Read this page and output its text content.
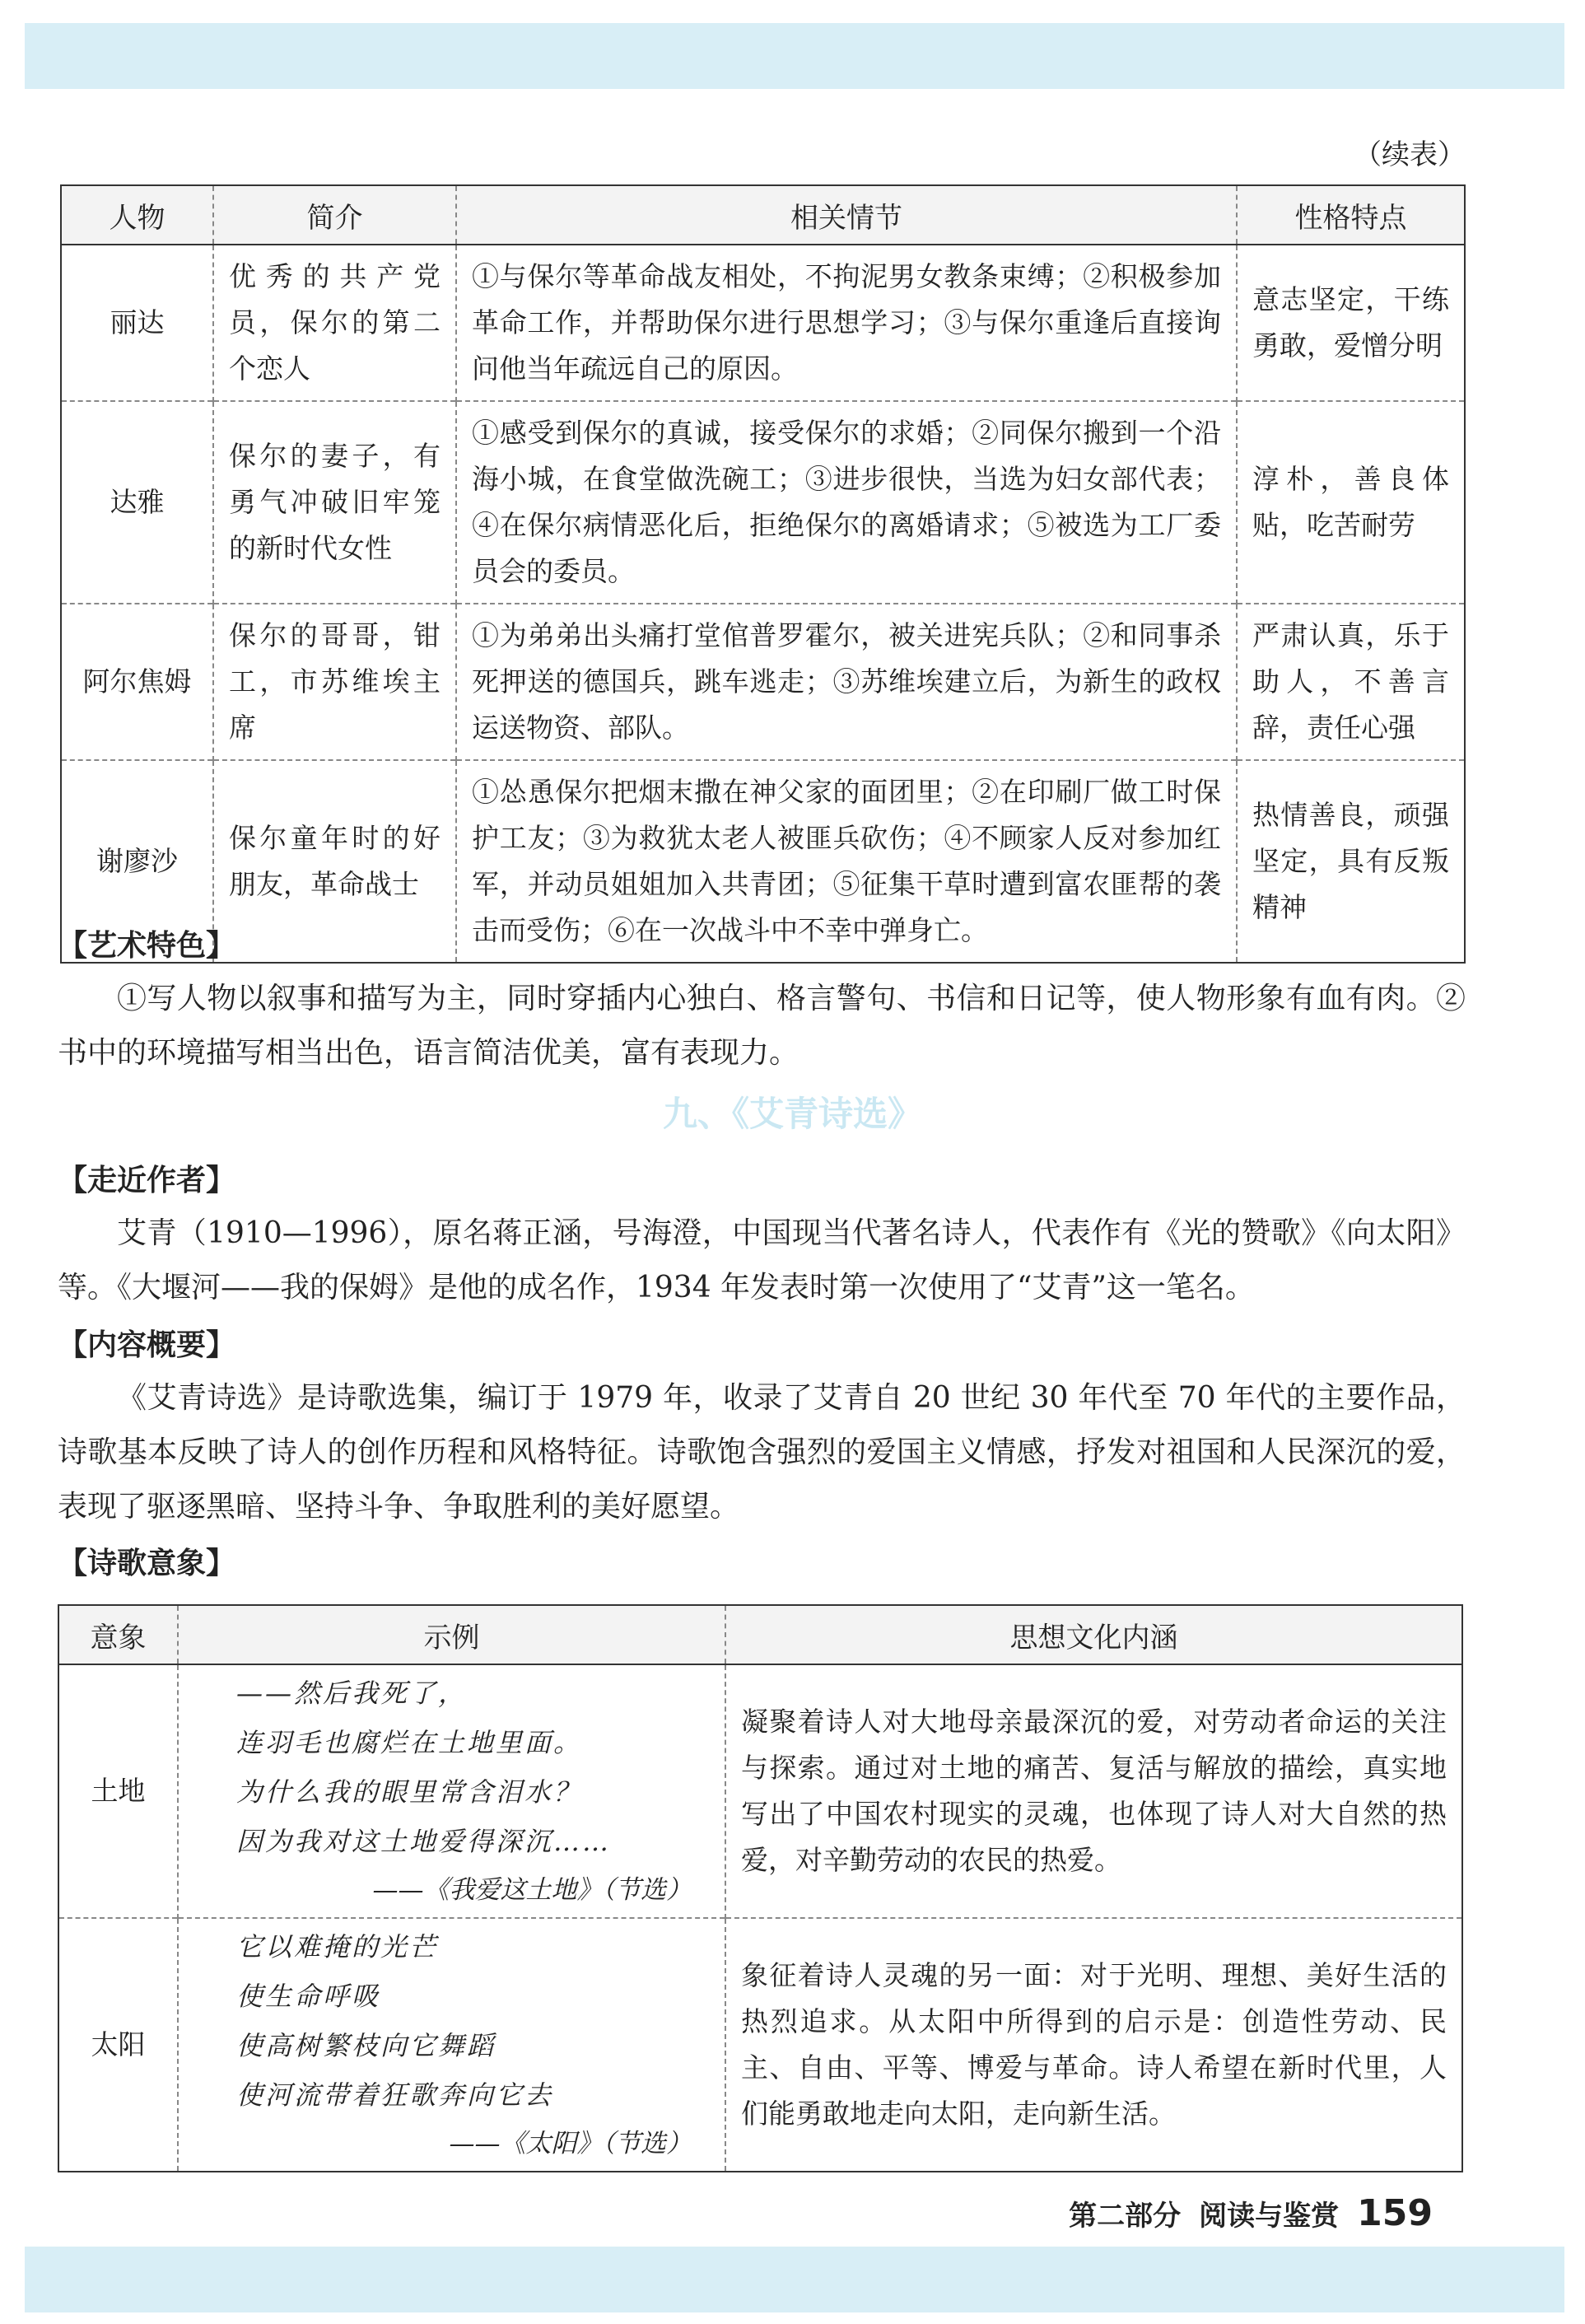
（续表）
人物	简介	相关情节	性格特点
丽达	优秀的共产党员，保尔的第二个恋人	①与保尔等革命战友相处，不拘泥男女教条束缚；②积极参加革命工作，并帮助保尔进行思想学习；③与保尔重逢后直接询问他当年疏远自己的原因。	意志坚定，干练勇敢，爱憎分明
达雅	保尔的妻子，有勇气冲破旧牢笼的新时代女性	①感受到保尔的真诚，接受保尔的求婚；②同保尔搬到一个沿海小城，在食堂做洗碗工；③进步很快，当选为妇女部代表；④在保尔病情恶化后，拒绝保尔的离婚请求；⑤被选为工厂委员会的委员。	淳朴，善良体贴，吃苦耐劳
阿尔焦姆	保尔的哥哥，钳工，市苏维埃主席	①为弟弟出头痛打堂倌普罗霍尔，被关进宪兵队；②和同事杀死押送的德国兵，跳车逃走；③苏维埃建立后，为新生的政权运送物资、部队。	严肃认真，乐于助人，不善言辞，责任心强
谢廖沙	保尔童年时的好朋友，革命战士	①怂恿保尔把烟末撒在神父家的面团里；②在印刷厂做工时保护工友；③为救犹太老人被匪兵砍伤；④不顾家人反对参加红军，并动员姐姐加入共青团；⑤征集干草时遭到富农匪帮的袭击而受伤；⑥在一次战斗中不幸中弹身亡。	热情善良，顽强坚定，具有反叛精神
【艺术特色】
①写人物以叙事和描写为主，同时穿插内心独白、格言警句、书信和日记等，使人物形象有血有肉。②书中的环境描写相当出色，语言简洁优美，富有表现力。
九、《艾青诗选》
【走近作者】
艾青（1910—1996），原名蒋正涵，号海澄，中国现当代著名诗人，代表作有《光的赞歌》《向太阳》等。《大堰河——我的保姆》是他的成名作，1934 年发表时第一次使用了“艾青”这一笔名。
【内容概要】
《艾青诗选》是诗歌选集，编订于 1979 年，收录了艾青自 20 世纪 30 年代至 70 年代的主要作品，诗歌基本反映了诗人的创作历程和风格特征。诗歌饱含强烈的爱国主义情感，抒发对祖国和人民深沉的爱，表现了驱逐黑暗、坚持斗争、争取胜利的美好愿望。
【诗歌意象】
意象	示例	思想文化内涵
土地	——然后我死了，
连羽毛也腐烂在土地里面。
为什么我的眼里常含泪水？
因为我对这土地爱得深沉……
——《我爱这土地》（节选）	凝聚着诗人对大地母亲最深沉的爱，对劳动者命运的关注与探索。通过对土地的痛苦、复活与解放的描绘，真实地写出了中国农村现实的灵魂，也体现了诗人对大自然的热爱，对辛勤劳动的农民的热爱。
太阳	它以难掩的光芒
使生命呼吸
使高树繁枝向它舞蹈
使河流带着狂歌奔向它去
——《太阳》（节选）	象征着诗人灵魂的另一面：对于光明、理想、美好生活的热烈追求。从太阳中所得到的启示是：创造性劳动、民主、自由、平等、博爱与革命。诗人希望在新时代里，人们能勇敢地走向太阳，走向新生活。
第二部分 阅读与鉴赏 159
